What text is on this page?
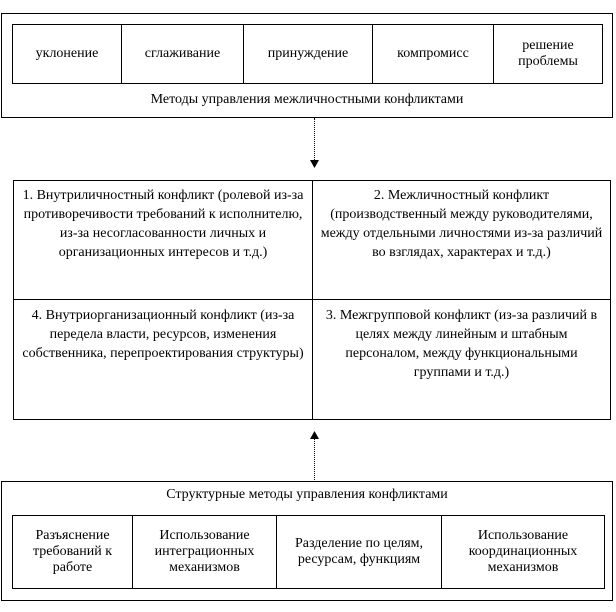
уклонение	сглаживание	принуждение	компромисс
решение проблемы
Методы управления межличностными конфликтами
1. Внутриличностный конфликт (ролевой из-за противоречивости требований к исполнителю, из-за несогласованности личных и организационных интересов и т.д.)
2. Межличностный конфликт (производственный между руководителями, между отдельными личностями из-за различий во взглядах, характерах и т.д.)
4. Внутриорганизационный конфликт (из-за передела власти, ресурсов, изменения собственника, перепроектирования структуры)
3. Межгрупповой конфликт (из-за различий в целях между линейным и штабным персоналом, между функциональными группами и т.д.)
Структурные методы управления конфликтами
Разъяснение требований к работе
Использование интеграционных механизмов
Разделение по целям, ресурсам, функциям
Использование координационных механизмов
